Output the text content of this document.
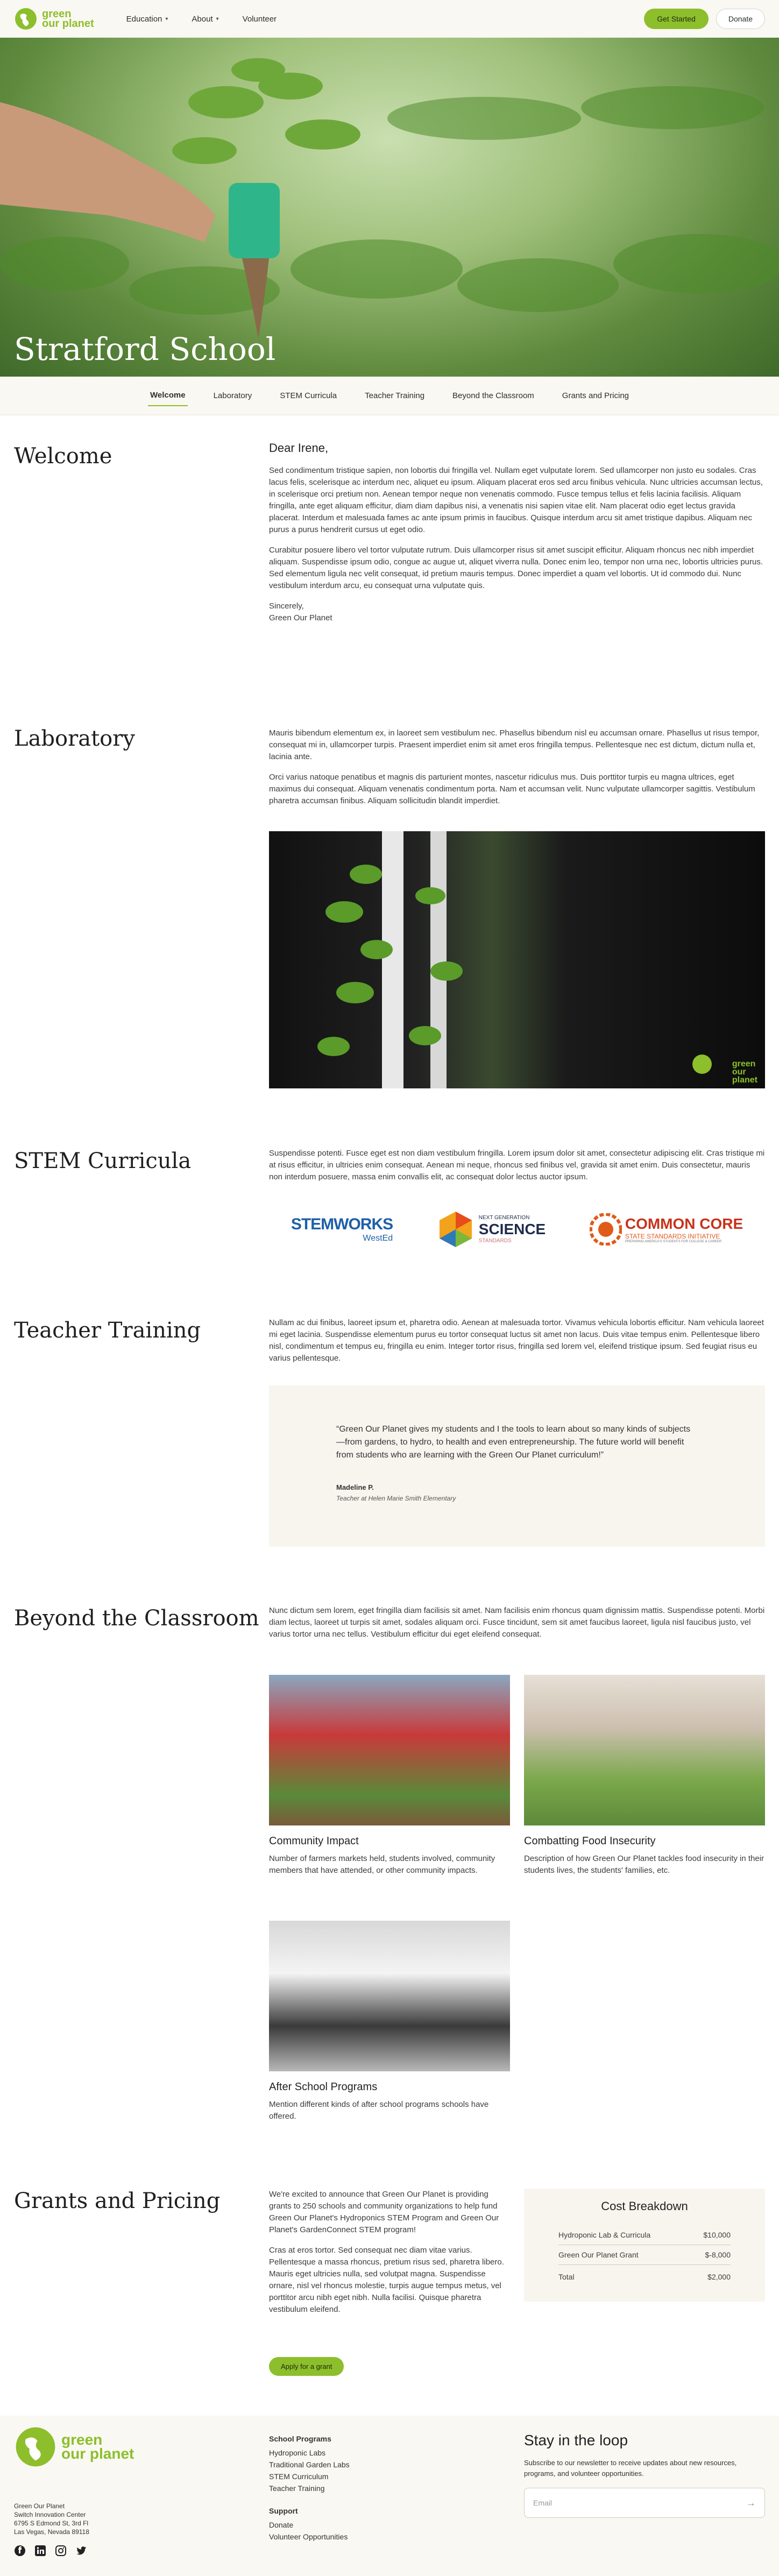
green
our planet	Education ▾	About ▾	Volunteer	Get Started	Donate
Stratford School
Welcome	Laboratory	STEM Curricula	Teacher Training	Beyond the Classroom	Grants and Pricing
Welcome	Dear Irene,

Sed condimentum tristique sapien, non lobortis dui fringilla vel. Nullam eget vulputate lorem. Sed ullamcorper non justo eu sodales. Cras lacus felis, scelerisque ac interdum nec, aliquet eu ipsum. Aliquam placerat eros sed arcu finibus vehicula. Nunc ultricies accumsan lectus, in scelerisque orci pretium non. Aenean tempor neque non venenatis commodo. Fusce tempus tellus et felis lacinia facilisis. Aliquam fringilla, ante eget aliquam efficitur, diam diam dapibus nisi, a venenatis nisi sapien vitae elit. Nam placerat odio eget lectus gravida placerat. Interdum et malesuada fames ac ante ipsum primis in faucibus. Quisque interdum arcu sit amet tristique dapibus. Aliquam nec purus a purus hendrerit cursus ut eget odio.

Curabitur posuere libero vel tortor vulputate rutrum. Duis ullamcorper risus sit amet suscipit efficitur. Aliquam rhoncus nec nibh imperdiet aliquam. Suspendisse ipsum odio, congue ac augue ut, aliquet viverra nulla. Donec enim leo, tempor non urna nec, lobortis ultricies purus. Sed elementum ligula nec velit consequat, id pretium mauris tempus. Donec imperdiet a quam vel lobortis. Ut id commodo dui. Nunc vestibulum interdum arcu, eu consequat urna vulputate quis.

Sincerely,
Green Our Planet
Laboratory	Mauris bibendum elementum ex, in laoreet sem vestibulum nec. Phasellus bibendum nisl eu accumsan ornare. Phasellus ut risus tempor, consequat mi in, ullamcorper turpis. Praesent imperdiet enim sit amet eros fringilla tempus. Pellentesque nec est dictum, dictum nulla et, lacinia ante.

Orci varius natoque penatibus et magnis dis parturient montes, nascetur ridiculus mus. Duis porttitor turpis eu magna ultrices, eget maximus dui consequat. Aliquam venenatis condimentum porta. Nam et accumsan velit. Nunc vulputate ullamcorper sagittis. Vestibulum pharetra accumsan finibus. Aliquam sollicitudin blandit imperdiet.

green
our
planet
STEM Curricula	Suspendisse potenti. Fusce eget est non diam vestibulum fringilla. Lorem ipsum dolor sit amet, consectetur adipiscing elit. Cras tristique mi at risus efficitur, in ultricies enim consequat. Aenean mi neque, rhoncus sed finibus vel, gravida sit amet enim. Duis consectetur, mauris non interdum posuere, massa enim convallis elit, ac consequat dolor lectus auctor ipsum.

STEMWORKS
WestEd
NEXT GENERATION
SCIENCE
STANDARDS
COMMON CORE
STATE STANDARDS INITIATIVE
PREPARING AMERICA'S STUDENTS FOR COLLEGE & CAREER
Teacher Training	Nullam ac dui finibus, laoreet ipsum et, pharetra odio. Aenean at malesuada tortor. Vivamus vehicula lobortis efficitur. Nam vehicula laoreet mi eget lacinia. Suspendisse elementum purus eu tortor consequat luctus sit amet non lacus. Duis vitae tempus enim. Pellentesque libero nisl, condimentum et tempus eu, fringilla eu enim. Integer tortor risus, fringilla sed lorem vel, eleifend tristique ipsum. Sed feugiat risus eu varius pellentesque.

“Green Our Planet gives my students and I the tools to learn about so many kinds of subjects—from gardens, to hydro, to health and even entrepreneurship. The future world will benefit from students who are learning with the Green Our Planet curriculum!”

Madeline P.
Teacher at Helen Marie Smith Elementary
Beyond the Classroom Nunc dictum sem lorem, eget fringilla diam facilisis sit amet. Nam facilisis enim rhoncus quam dignissim mattis. Suspendisse potenti. Morbi diam lectus, laoreet ut turpis sit amet, sodales aliquam orci. Fusce tincidunt, sem sit amet faucibus laoreet, ligula nisl faucibus justo, vel varius tortor urna nec tellus. Vestibulum efficitur dui eget eleifend consequat.

Community Impact
Number of farmers markets held, students involved, community members that have attended, or other community impacts.
Combatting Food Insecurity
Description of how Green Our Planet tackles food insecurity in their students lives, the students' families, etc.
After School Programs
Mention different kinds of after school programs schools have offered.
Grants and Pricing	We're excited to announce that Green Our Planet is providing grants to 250 schools and community organizations to help fund Green Our Planet's Hydroponics STEM Program and Green Our Planet's GardenConnect STEM program!

Cras at eros tortor. Sed consequat nec diam vitae varius. Pellentesque a massa rhoncus, pretium risus sed, pharetra libero. Mauris eget ultricies nulla, sed volutpat magna. Suspendisse ornare, nisl vel rhoncus molestie, turpis augue tempus metus, vel porttitor arcu nibh eget nibh. Nulla facilisi. Quisque pharetra vestibulum eleifend.

Apply for a grant
Cost Breakdown
Hydroponic Lab & Curricula	$10,000
Green Our Planet Grant	$-8,000
Total	$2,000
green
our planet
Green Our Planet
Switch Innovation Center
6795 S Edmond St, 3rd Fl
Las Vegas, Nevada 89118
School Programs
Hydroponic Labs
Traditional Garden Labs
STEM Curriculum
Teacher Training
Support
Donate
Volunteer Opportunities
Stay in the loop

Subscribe to our newsletter to receive updates about new resources, programs, and volunteer opportunities.

Email	→
